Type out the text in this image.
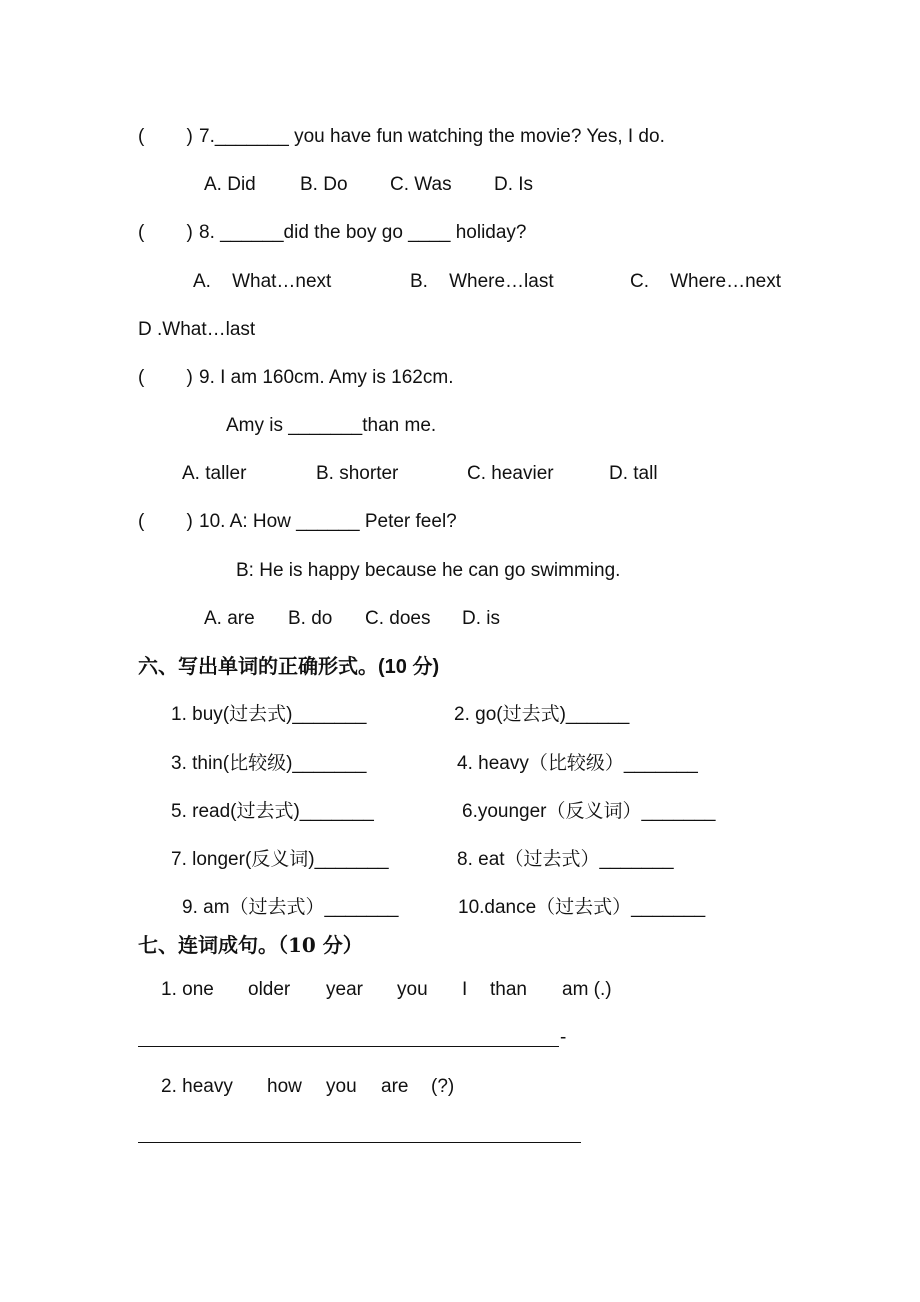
(        ) 7._______ you have fun watching the movie? Yes, I do.
A. Did B. Do C. Was D. Is
(        ) 8. ______did the boy go ____ holiday?
A.    What…next	B.    Where…last	C.    Where…next
D .What…last
(        ) 9. I am 160cm. Amy is 162cm.
Amy is _______than me.
A. taller	B. shorter	C. heavier	D. tall
(        ) 10. A: How ______ Peter feel?
B: He is happy because he can go swimming.
A. are B. do C. does D. is
六、写出单词的正确形式。(10 分)
1. buy(过去式)_______	2. go(过去式)______
3. thin(比较级)_______	4. heavy（比较级）_______
5. read(过去式)_______	6.younger（反义词）_______
7. longer(反义词)_______	8. eat（过去式）_______
9. am（过去式）_______	10.dance（过去式）_______
七、连词成句。（10 分）
1. one older year you I than am (.)
-
2. heavy how you are (?)
